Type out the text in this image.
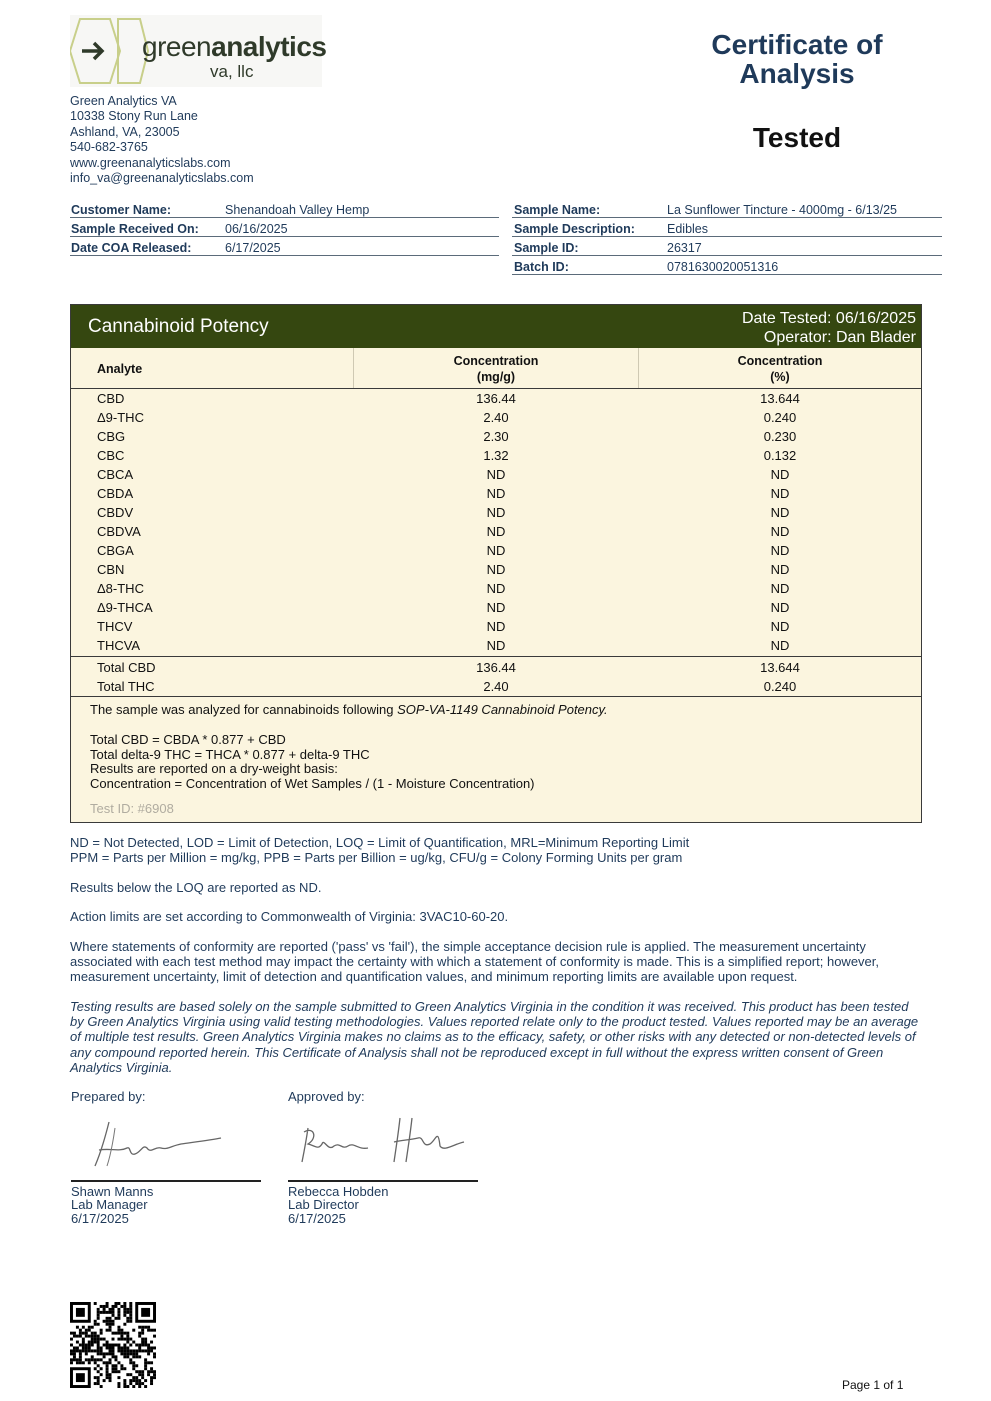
greenanalytics
va, llc
Green Analytics VA
10338 Stony Run Lane
Ashland, VA, 23005
540-682-3765
www.greenanalyticslabs.com
info_va@greenanalyticslabs.com
Certificate of
Analysis
Tested
Customer Name:	Shenandoah Valley Hemp
Sample Received On:	06/16/2025
Date COA Released:	6/17/2025
Sample Name:	La Sunflower Tincture - 4000mg - 6/13/25
Sample Description:	Edibles
Sample ID:	26317
Batch ID:	0781630020051316
Cannabinoid Potency	Date Tested: 06/16/2025
Operator: Dan Blader
Analyte
Concentration
(mg/g)
Concentration
(%)
CBD	136.44	13.644
Δ9-THC	2.40	0.240
CBG	2.30	0.230
CBC	1.32	0.132
CBCA	ND	ND
CBDA	ND	ND
CBDV	ND	ND
CBDVA	ND	ND
CBGA	ND	ND
CBN	ND	ND
Δ8-THC	ND	ND
Δ9-THCA	ND	ND
THCV	ND	ND
THCVA	ND	ND
Total CBD	136.44	13.644
Total THC	2.40	0.240
The sample was analyzed for cannabinoids following SOP-VA-1149 Cannabinoid Potency.
Total CBD = CBDA * 0.877 + CBD
Total delta-9 THC = THCA * 0.877 + delta-9 THC
Results are reported on a dry-weight basis:
Concentration = Concentration of Wet Samples / (1 - Moisture Concentration)
Test ID: #6908
ND = Not Detected, LOD = Limit of Detection, LOQ = Limit of Quantification, MRL=Minimum Reporting Limit
PPM = Parts per Million = mg/kg, PPB = Parts per Billion = ug/kg, CFU/g = Colony Forming Units per gram
Results below the LOQ are reported as ND.
Action limits are set according to Commonwealth of Virginia: 3VAC10-60-20.
Where statements of conformity are reported ('pass' vs 'fail'), the simple acceptance decision rule is applied. The measurement uncertainty associated with each test method may impact the certainty with which a statement of conformity is made. This is a simplified report; however, measurement uncertainty, limit of detection and quantification values, and minimum reporting limits are available upon request.
Testing results are based solely on the sample submitted to Green Analytics Virginia in the condition it was received. This product has been tested by Green Analytics Virginia using valid testing methodologies. Values reported relate only to the product tested. Values reported may be an average of multiple test results. Green Analytics Virginia makes no claims as to the efficacy, safety, or other risks with any detected or non-detected levels of any compound reported herein. This Certificate of Analysis shall not be reproduced except in full without the express written consent of Green Analytics Virginia.
Prepared by:
Shawn Manns
Lab Manager
6/17/2025
Approved by:
Rebecca Hobden
Lab Director
6/17/2025
Page 1 of 1
